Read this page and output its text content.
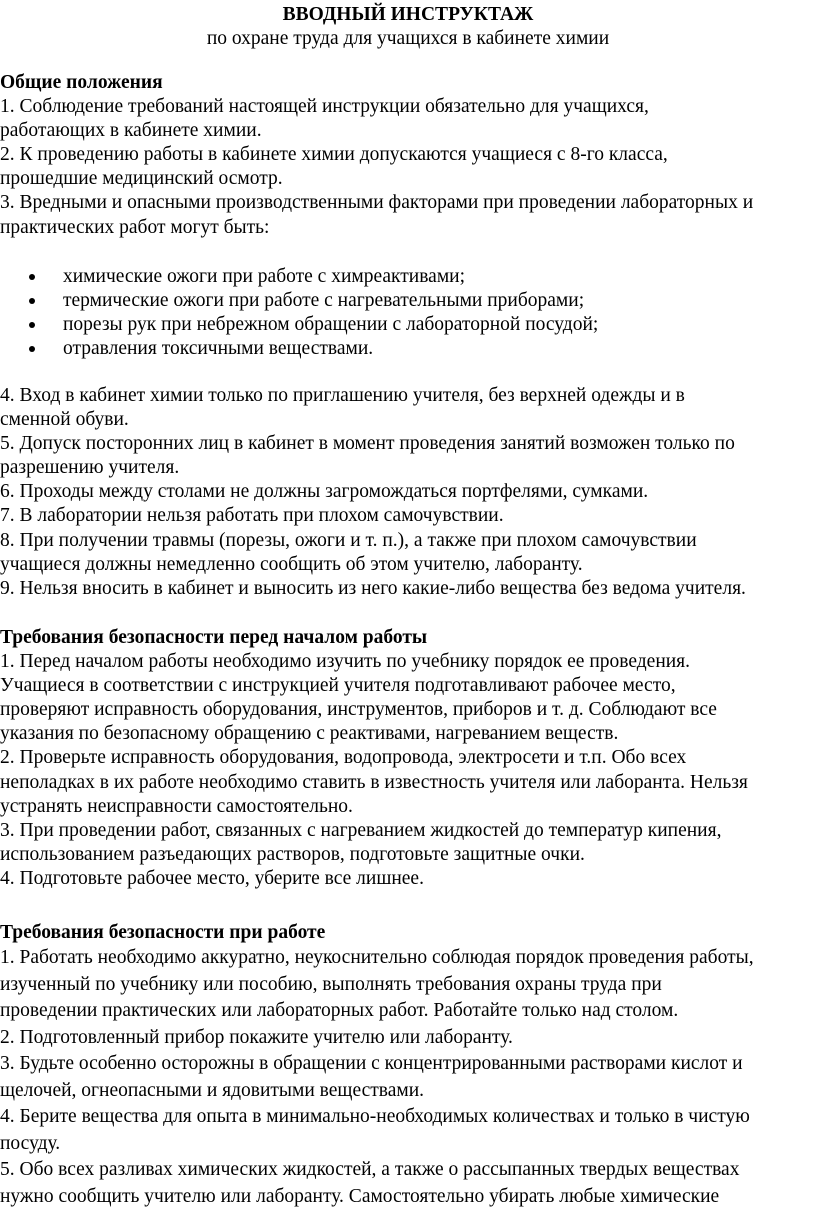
ВВОДНЫЙ ИНСТРУКТАЖ
по охране труда для учащихся в кабинете химии
Общие положения
1. Соблюдение требований настоящей инструкции обязательно для учащихся,
работающих в кабинете химии.
2. К проведению работы в кабинете химии допускаются учащиеся с 8-го класса,
прошедшие медицинский осмотр.
3. Вредными и опасными производственными факторами при проведении лабораторных и
практических работ могут быть:
химические ожоги при работе с химреактивами;
термические ожоги при работе с нагревательными приборами;
порезы рук при небрежном обращении с лабораторной посудой;
отравления токсичными веществами.
4. Вход в кабинет химии только по приглашению учителя, без верхней одежды и в
сменной обуви.
5. Допуск посторонних лиц в кабинет в момент проведения занятий возможен только по
разрешению учителя.
6. Проходы между столами не должны загромождаться портфелями, сумками.
7. В лаборатории нельзя работать при плохом самочувствии.
8. При получении травмы (порезы, ожоги и т. п.), а также при плохом самочувствии
учащиеся должны немедленно сообщить об этом учителю, лаборанту.
9. Нельзя вносить в кабинет и выносить из него какие-либо вещества без ведома учителя.
Требования безопасности перед началом работы
1. Перед началом работы необходимо изучить по учебнику порядок ее проведения.
Учащиеся в соответствии с инструкцией учителя подготавливают рабочее место,
проверяют исправность оборудования, инструментов, приборов и т. д. Соблюдают все
указания по безопасному обращению с реактивами, нагреванием веществ.
2. Проверьте исправность оборудования, водопровода, электросети и т.п. Обо всех
неполадках в их работе необходимо ставить в известность учителя или лаборанта. Нельзя
устранять неисправности самостоятельно.
3. При проведении работ, связанных с нагреванием жидкостей до температур кипения,
использованием разъедающих растворов, подготовьте защитные очки.
4. Подготовьте рабочее место, уберите все лишнее.
Требования безопасности при работе
1. Работать необходимо аккуратно, неукоснительно соблюдая порядок проведения работы,
изученный по учебнику или пособию, выполнять требования охраны труда при
проведении практических или лабораторных работ. Работайте только над столом.
2. Подготовленный прибор покажите учителю или лаборанту.
3. Будьте особенно осторожны в обращении с концентрированными растворами кислот и
щелочей, огнеопасными и ядовитыми веществами.
4. Берите вещества для опыта в минимально-необходимых количествах и только в чистую
посуду.
5. Обо всех разливах химических жидкостей, а также о рассыпанных твердых веществах
нужно сообщить учителю или лаборанту. Самостоятельно убирать любые химические
